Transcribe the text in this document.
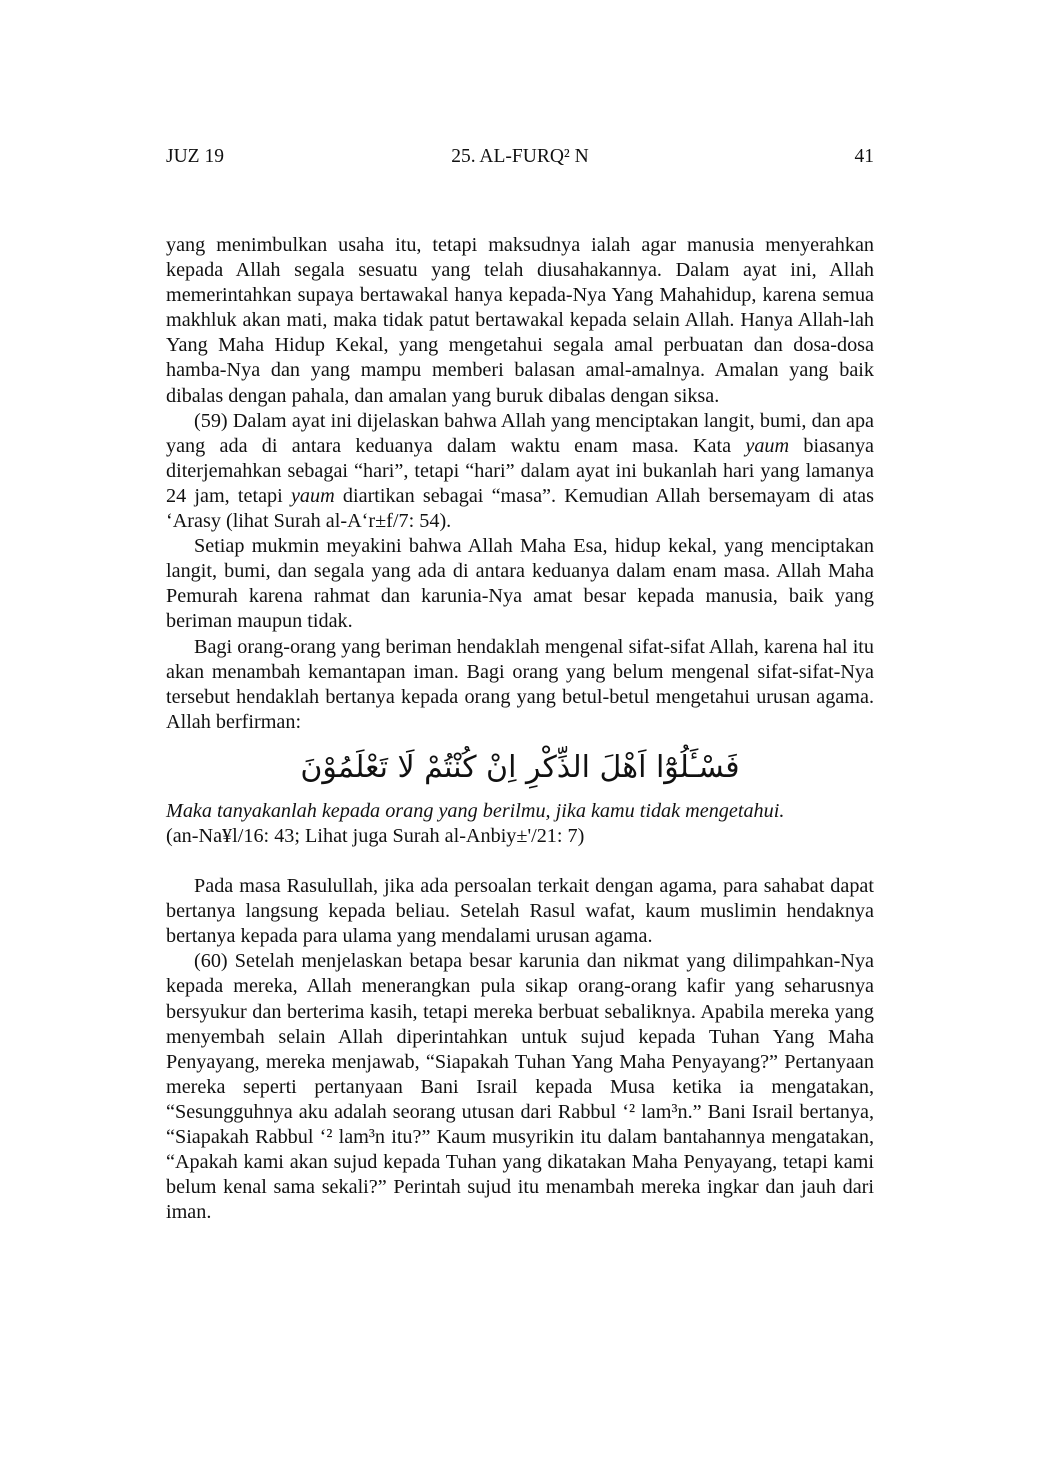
JUZ 19	25. AL-FURQ² N	41

yang menimbulkan usaha itu, tetapi maksudnya ialah agar manusia menyerahkan kepada Allah segala sesuatu yang telah diusahakannya. Dalam ayat ini, Allah memerintahkan supaya bertawakal hanya kepada-Nya Yang Mahahidup, karena semua makhluk akan mati, maka tidak patut bertawakal kepada selain Allah. Hanya Allah-lah Yang Maha Hidup Kekal, yang mengetahui segala amal perbuatan dan dosa-dosa hamba-Nya dan yang mampu memberi balasan amal-amalnya. Amalan yang baik dibalas dengan pahala, dan amalan yang buruk dibalas dengan siksa.

(59) Dalam ayat ini dijelaskan bahwa Allah yang menciptakan langit, bumi, dan apa yang ada di antara keduanya dalam waktu enam masa. Kata yaum biasanya diterjemahkan sebagai “hari”, tetapi “hari” dalam ayat ini bukanlah hari yang lamanya 24 jam, tetapi yaum diartikan sebagai “masa”. Kemudian Allah bersemayam di atas ‘Arasy (lihat Surah al-A‘r±f/7: 54).

Setiap mukmin meyakini bahwa Allah Maha Esa, hidup kekal, yang menciptakan langit, bumi, dan segala yang ada di antara keduanya dalam enam masa. Allah Maha Pemurah karena rahmat dan karunia-Nya amat besar kepada manusia, baik yang beriman maupun tidak.

Bagi orang-orang yang beriman hendaklah mengenal sifat-sifat Allah, karena hal itu akan menambah kemantapan iman. Bagi orang yang belum mengenal sifat-sifat-Nya tersebut hendaklah bertanya kepada orang yang betul-betul mengetahui urusan agama. Allah berfirman:

فَسْـَٔلُوْٓا اَهْلَ الذِّكْرِ اِنْ كُنْتُمْ لَا تَعْلَمُوْنَ

Maka tanyakanlah kepada orang yang berilmu, jika kamu tidak mengetahui.
(an-Na¥l/16: 43; Lihat juga Surah al-Anbiy±'/21: 7)

Pada masa Rasulullah, jika ada persoalan terkait dengan agama, para sahabat dapat bertanya langsung kepada beliau. Setelah Rasul wafat, kaum muslimin hendaknya bertanya kepada para ulama yang mendalami urusan agama.

(60) Setelah menjelaskan betapa besar karunia dan nikmat yang dilimpahkan-Nya kepada mereka, Allah menerangkan pula sikap orang-orang kafir yang seharusnya bersyukur dan berterima kasih, tetapi mereka berbuat sebaliknya. Apabila mereka yang menyembah selain Allah diperintahkan untuk sujud kepada Tuhan Yang Maha Penyayang, mereka menjawab, “Siapakah Tuhan Yang Maha Penyayang?” Pertanyaan mereka seperti pertanyaan Bani Israil kepada Musa ketika ia mengatakan, “Sesungguhnya aku adalah seorang utusan dari Rabbul ‘² lam³n.” Bani Israil bertanya, “Siapakah Rabbul ‘² lam³n itu?” Kaum musyrikin itu dalam bantahannya mengatakan, “Apakah kami akan sujud kepada Tuhan yang dikatakan Maha Penyayang, tetapi kami belum kenal sama sekali?” Perintah sujud itu menambah mereka ingkar dan jauh dari iman.
